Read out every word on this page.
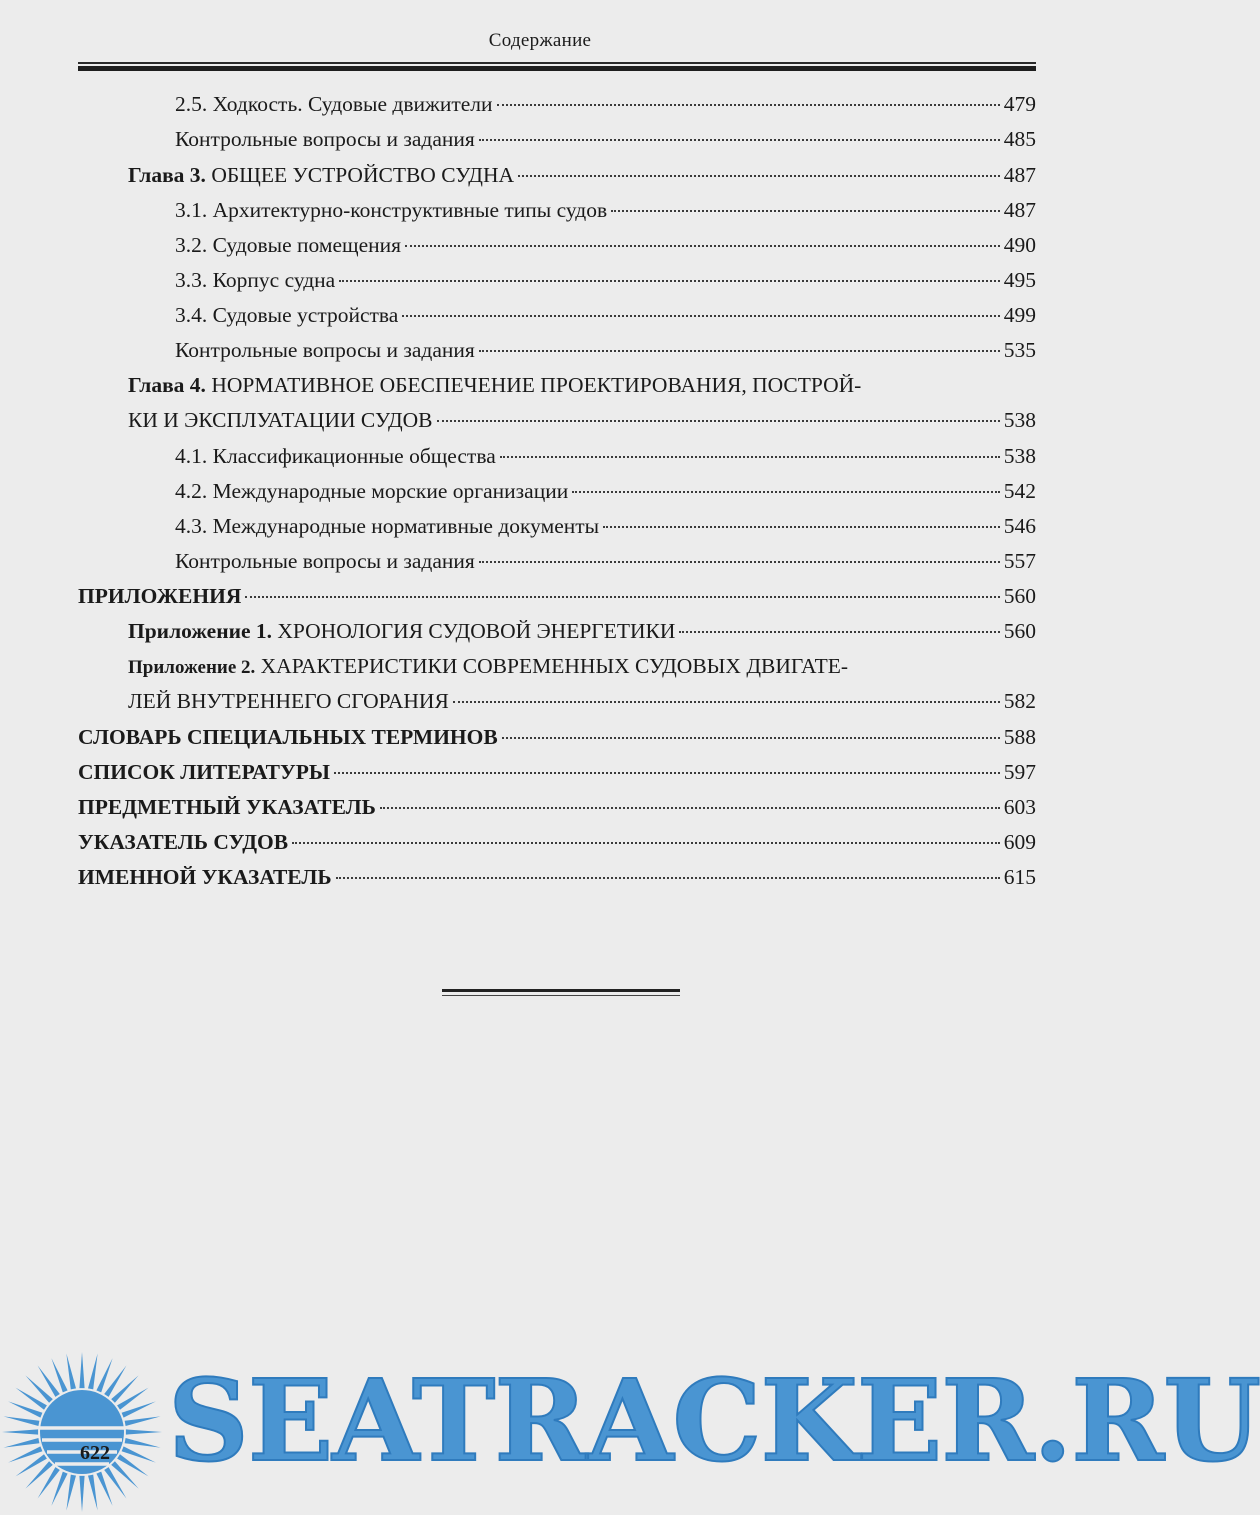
Содержание
2.5. Ходкость. Судовые движители	479
Контрольные вопросы и задания	485
Глава 3. ОБЩЕЕ УСТРОЙСТВО СУДНА	487
3.1. Архитектурно-конструктивные типы судов	487
3.2. Судовые помещения	490
3.3. Корпус судна	495
3.4. Судовые устройства	499
Контрольные вопросы и задания	535
Глава 4. НОРМАТИВНОЕ ОБЕСПЕЧЕНИЕ ПРОЕКТИРОВАНИЯ, ПОСТРОЙ-
КИ И ЭКСПЛУАТАЦИИ СУДОВ	538
4.1. Классификационные общества	538
4.2. Международные морские организации	542
4.3. Международные нормативные документы	546
Контрольные вопросы и задания	557
ПРИЛОЖЕНИЯ	560
Приложение 1. ХРОНОЛОГИЯ СУДОВОЙ ЭНЕРГЕТИКИ	560
Приложение 2. ХАРАКТЕРИСТИКИ СОВРЕМЕННЫХ СУДОВЫХ ДВИГАТЕ-
ЛЕЙ ВНУТРЕННЕГО СГОРАНИЯ	582
СЛОВАРЬ СПЕЦИАЛЬНЫХ ТЕРМИНОВ	588
СПИСОК ЛИТЕРАТУРЫ	597
ПРЕДМЕТНЫЙ УКАЗАТЕЛЬ	603
УКАЗАТЕЛЬ СУДОВ	609
ИМЕННОЙ УКАЗАТЕЛЬ	615
SEATRACKER.RU
622
